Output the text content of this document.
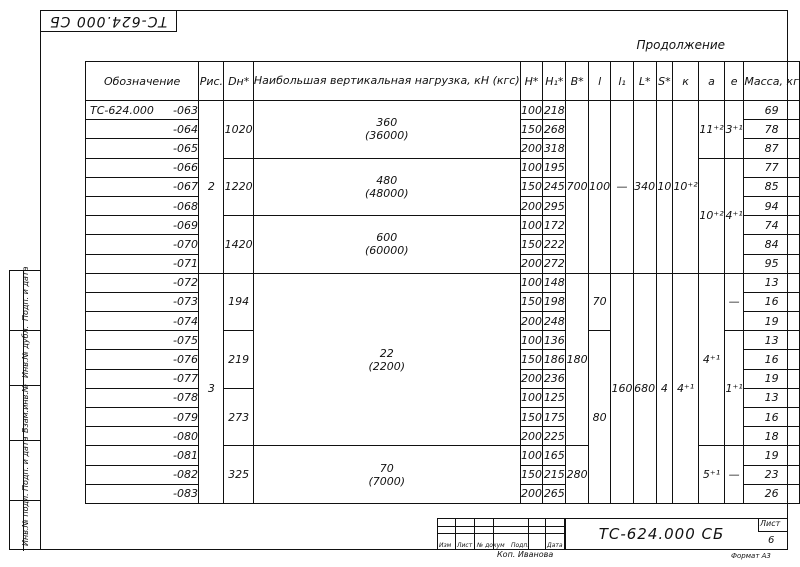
ТС-624.000 СБ
Продолжение
Обозначение	Рис.	Dн*	Наибольшая вертикальная нагрузка, кН (кгс)	H*	H₁*	B*	l	l₁	L*	S*	к	a	e	Масса, кг
ТС-624.000 -063	2	1020	360
(36000)	100	218	700	100	—	340	10	10⁺²	11⁺²	3⁺¹	69
-064				150	268									78
-065				200	318									87
-066		1220	480
(48000)	100	195							10⁺²	4⁺¹	77
-067				150	245									85
-068				200	295									94
-069		1420	600
(60000)	100	172									74
-070				150	222									84
-071				200	272									95
-072	3	194	22
(2200)	100	148	180	70	160	680	4	4⁺¹	4⁺¹	—	13
-073				150	198									16
-074				200	248									19
-075		219		100	136		80						1⁺¹	13
-076				150	186									16
-077				200	236									19
-078		273		100	125									13
-079				150	175									16
-080				200	225									18
-081		325	70
(7000)	100	165	280						5⁺¹	—	19
-082				150	215									23
-083				200	265									26
Подп. и дата
Инв.№ дубл.
Взам.инв.№
Подп. и дата
Инв.№ подл.	Изм Лист № докум Подп.	Дата
Лист
6
Коп. Иванова	Формат А3
ТС-624.000 СБ
